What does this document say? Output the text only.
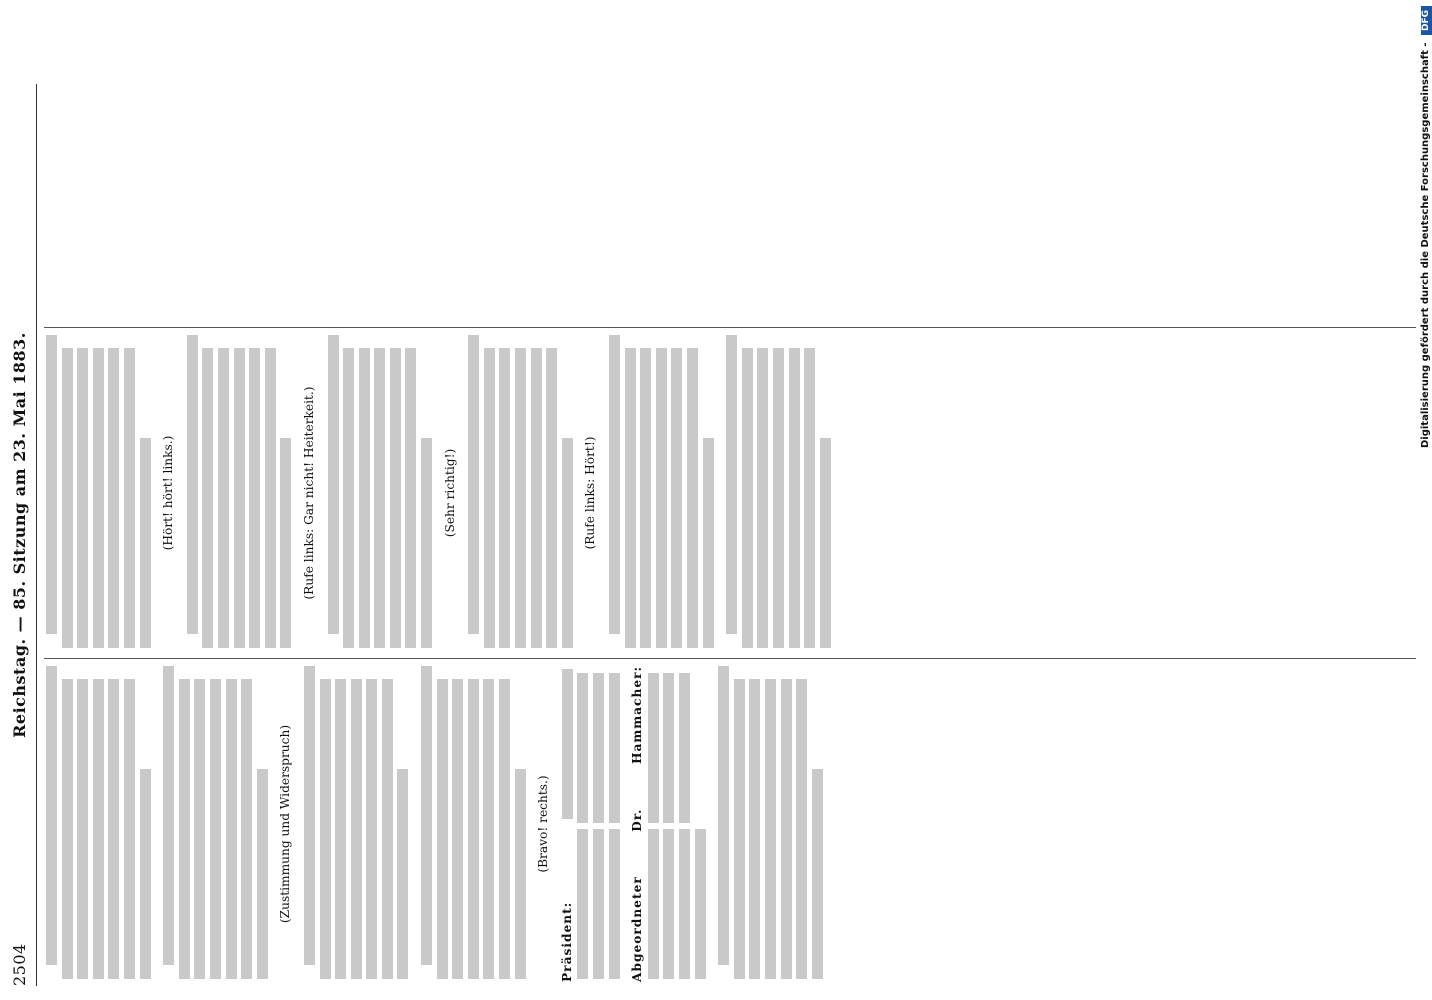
2504
Reichstag. — 85. Sitzung am 23. Mai 1883.

(Zustimmung und Widerspruch)	(Bravo! rechts.)

Präsident:	Abgeordneter Dr. Hammacher:

(Hört! hört! links.)	(Rufe links: Gar nicht! Heiterkeit.)	(Sehr richtig!)	(Rufe links: Hört!)

Digitalisierung gefördert durch die Deutsche Forschungsgemeinschaft - DFG
